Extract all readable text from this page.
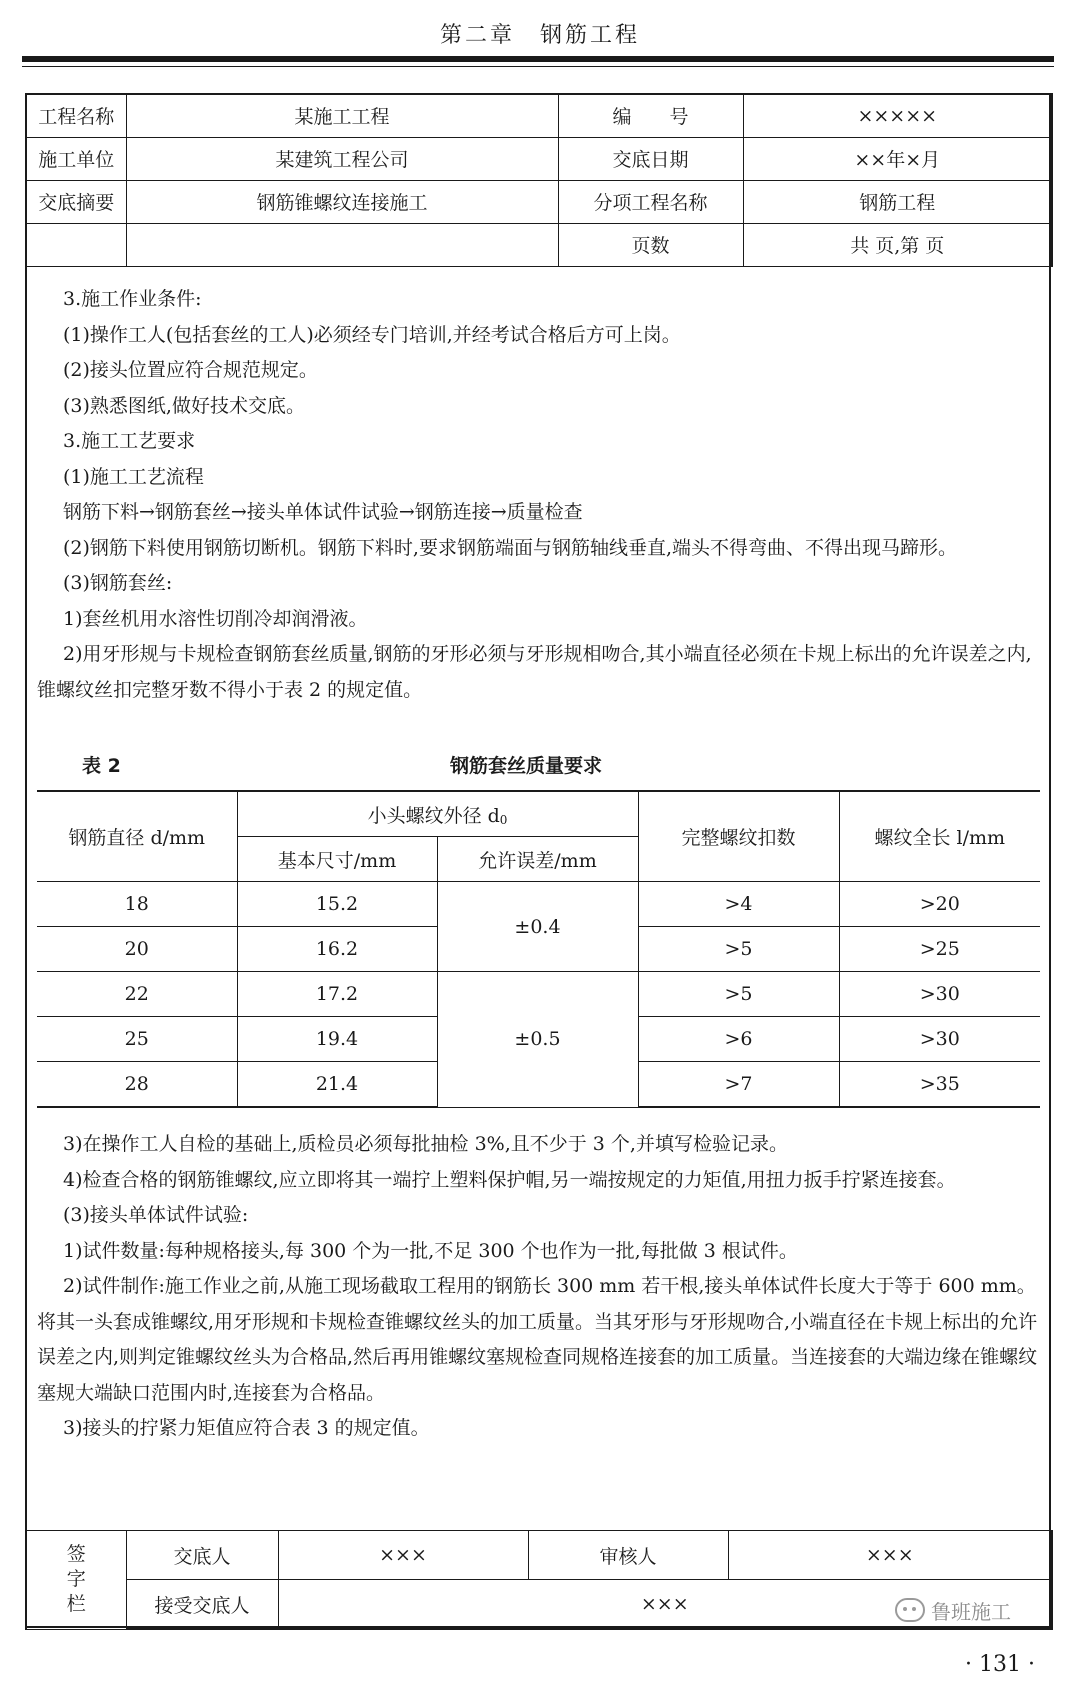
第二章　钢筋工程
工程名称	某施工工程	编　　号	×××××
施工单位	某建筑工程公司	交底日期	××年×月
交底摘要	钢筋锥螺纹连接施工	分项工程名称	钢筋工程
		页数	共 页,第 页

3.施工作业条件:

(1)操作工人(包括套丝的工人)必须经专门培训,并经考试合格后方可上岗。

(2)接头位置应符合规范规定。

(3)熟悉图纸,做好技术交底。

3.施工工艺要求

(1)施工工艺流程

钢筋下料→钢筋套丝→接头单体试件试验→钢筋连接→质量检查

(2)钢筋下料使用钢筋切断机。钢筋下料时,要求钢筋端面与钢筋轴线垂直,端头不得弯曲、不得出现马蹄形。

(3)钢筋套丝:

1)套丝机用水溶性切削冷却润滑液。

2)用牙形规与卡规检查钢筋套丝质量,钢筋的牙形必须与牙形规相吻合,其小端直径必须在卡规上标出的允许误差之内,锥螺纹丝扣完整牙数不得小于表 2 的规定值。

表 2	钢筋套丝质量要求
钢筋直径 d/mm	小头螺纹外径 d0		完整螺纹扣数	螺纹全长 l/mm
	基本尺寸/mm	允许误差/mm		
18	15.2	±0.4	>4	>20
20	16.2		>5	>25
22	17.2	±0.5	>5	>30
25	19.4		>6	>30
28	21.4		>7	>35

3)在操作工人自检的基础上,质检员必须每批抽检 3%,且不少于 3 个,并填写检验记录。

4)检查合格的钢筋锥螺纹,应立即将其一端拧上塑料保护帽,另一端按规定的力矩值,用扭力扳手拧紧连接套。

(3)接头单体试件试验:

1)试件数量:每种规格接头,每 300 个为一批,不足 300 个也作为一批,每批做 3 根试件。

2)试件制作:施工作业之前,从施工现场截取工程用的钢筋长 300 mm 若干根,接头单体试件长度大于等于 600 mm。将其一头套成锥螺纹,用牙形规和卡规检查锥螺纹丝头的加工质量。当其牙形与牙形规吻合,小端直径在卡规上标出的允许误差之内,则判定锥螺纹丝头为合格品,然后再用锥螺纹塞规检查同规格连接套的加工质量。当连接套的大端边缘在锥螺纹塞规大端缺口范围内时,连接套为合格品。

3)接头的拧紧力矩值应符合表 3 的规定值。

签
字
栏	交底人	×××	审核人	×××
	接受交底人	×××			鲁班施工
· 131 ·
